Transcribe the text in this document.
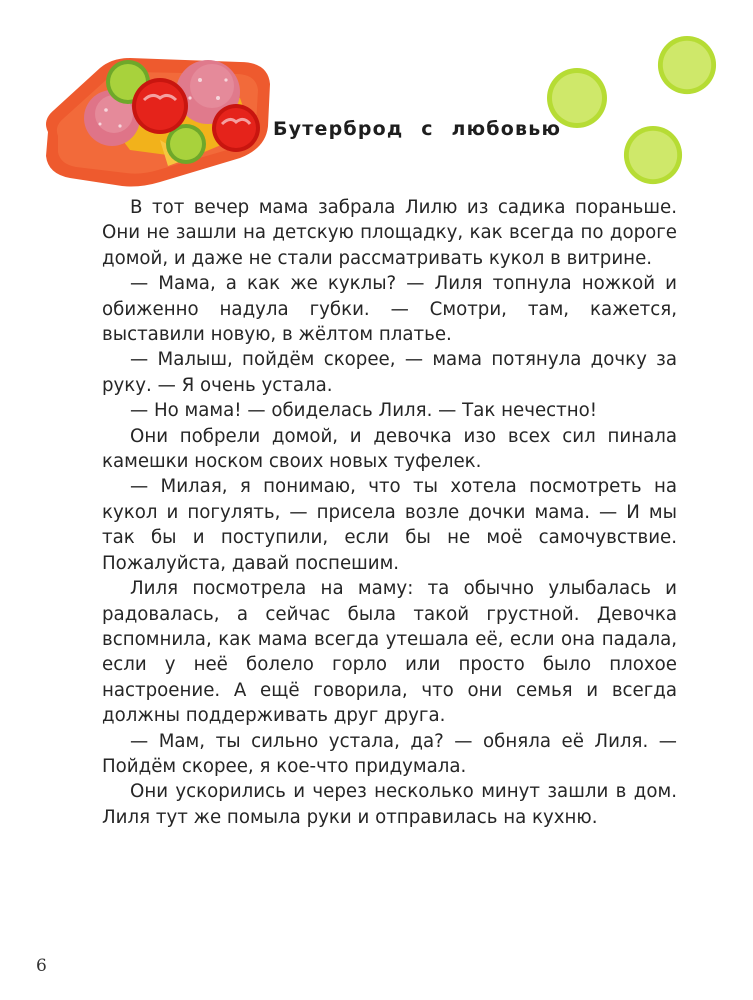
Бутерброд с любовью

В тот вечер мама забрала Лилю из садика пораньше. Они не зашли на детскую площадку, как всегда по дороге домой, и даже не стали рассматривать кукол в витрине.

— Мама, а как же куклы? — Лиля топнула ножкой и обиженно надула губки. — Смотри, там, кажется, выставили новую, в жёлтом платье.

— Малыш, пойдём скорее, — мама потянула дочку за руку. — Я очень устала.

— Но мама! — обиделась Лиля. — Так нечестно!

Они побрели домой, и девочка изо всех сил пинала камешки носком своих новых туфелек.

— Милая, я понимаю, что ты хотела посмотреть на кукол и погулять, — присела возле дочки мама. — И мы так бы и поступили, если бы не моё самочувствие. Пожалуйста, давай поспешим.

Лиля посмотрела на маму: та обычно улыбалась и радовалась, а сейчас была такой грустной. Девочка вспомнила, как мама всегда утешала её, если она падала, если у неё болело горло или просто было плохое настроение. А ещё говорила, что они семья и всегда должны поддерживать друг друга.

— Мам, ты сильно устала, да? — обняла её Лиля. — Пойдём скорее, я кое-что придумала.

Они ускорились и через несколько минут зашли в дом. Лиля тут же помыла руки и отправилась на кухню.

6
